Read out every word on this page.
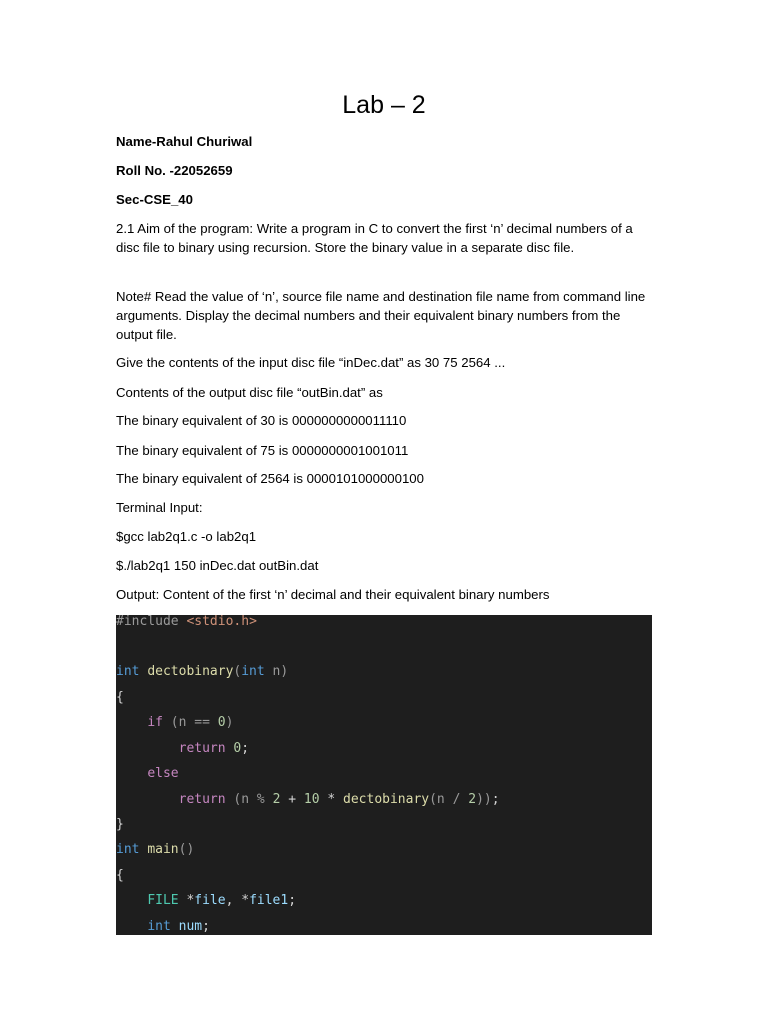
Lab – 2

Name-Rahul Churiwal

Roll No. -22052659

Sec-CSE_40

2.1 Aim of the program: Write a program in C to convert the first ‘n’ decimal numbers of a disc file to binary using recursion. Store the binary value in a separate disc file.

Note# Read the value of ‘n’, source file name and destination file name from command line arguments. Display the decimal numbers and their equivalent binary numbers from the output file.

Give the contents of the input disc file “inDec.dat” as 30 75 2564 ...

Contents of the output disc file “outBin.dat” as

The binary equivalent of 30 is 0000000000011110

The binary equivalent of 75 is 0000000001001011

The binary equivalent of 2564 is 0000101000000100

Terminal Input:

$gcc lab2q1.c -o lab2q1

$./lab2q1 150 inDec.dat outBin.dat

Output: Content of the first ‘n’ decimal and their equivalent binary numbers

#include <stdio.h>
int dectobinary(int n)
{
if (n == 0)
return 0;
else
return (n % 2 + 10 * dectobinary(n / 2));
}
int main()
{
FILE *file, *file1;
int num;
